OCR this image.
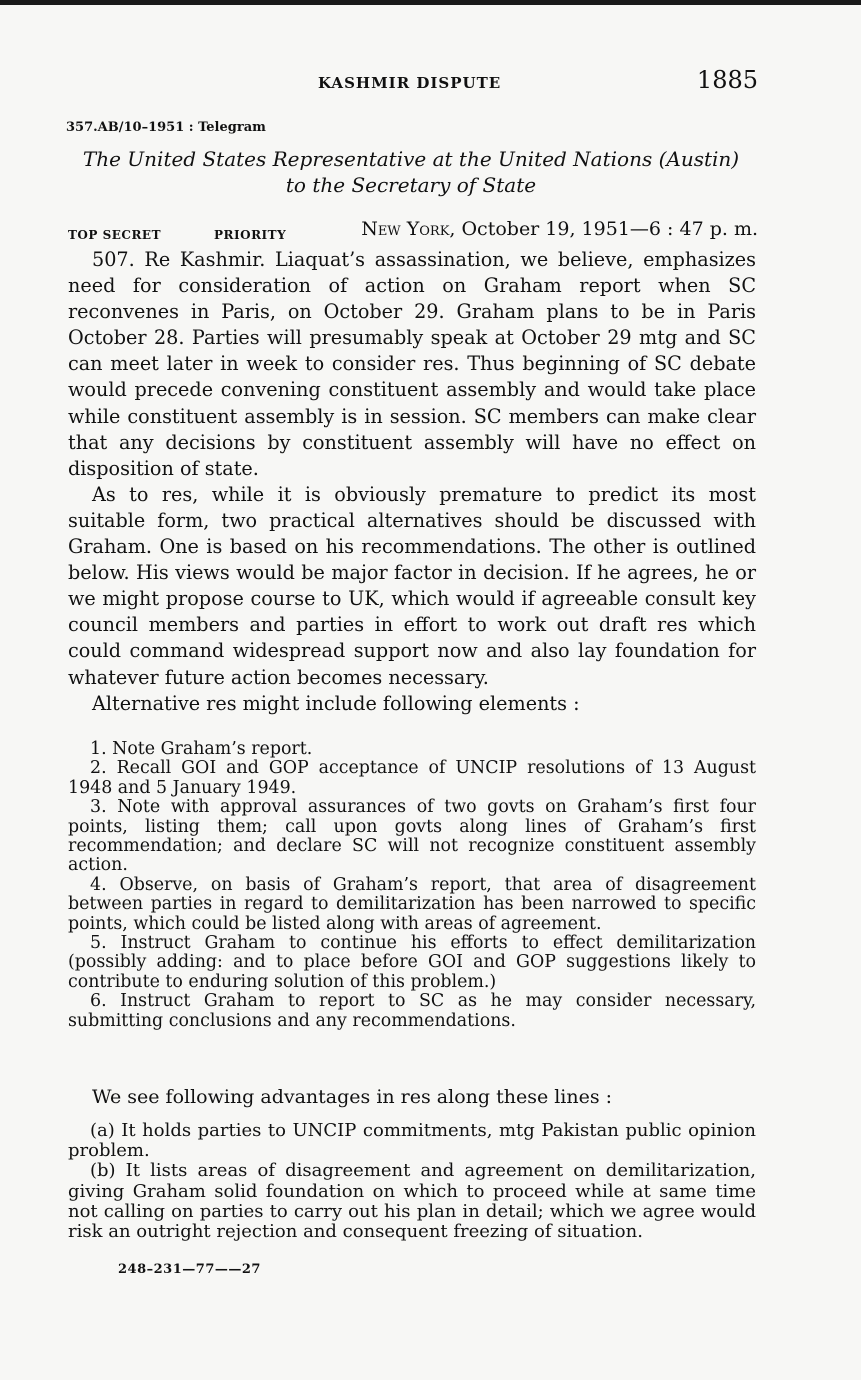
KASHMIR DISPUTE	1885
357.AB/10–1951 : Telegram
The United States Representative at the United Nations (Austin)
to the Secretary of State
TOP SECRET	PRIORITY	New York, October 19, 1951—6 : 47 p. m.

507. Re Kashmir. Liaquat’s assassination, we believe, emphasizes need for consideration of action on Graham report when SC reconvenes in Paris, on October 29. Graham plans to be in Paris October 28. Parties will presumably speak at October 29 mtg and SC can meet later in week to consider res. Thus beginning of SC debate would precede convening constituent assembly and would take place while constituent assembly is in session. SC members can make clear that any decisions by constituent assembly will have no effect on disposition of state.

As to res, while it is obviously premature to predict its most suitable form, two practical alternatives should be discussed with Graham. One is based on his recommendations. The other is outlined below. His views would be major factor in decision. If he agrees, he or we might propose course to UK, which would if agreeable consult key council members and parties in effort to work out draft res which could command widespread support now and also lay foundation for whatever future action becomes necessary.

Alternative res might include following elements :

1. Note Graham’s report.

2. Recall GOI and GOP acceptance of UNCIP resolutions of 13 August 1948 and 5 January 1949.

3. Note with approval assurances of two govts on Graham’s first four points, listing them; call upon govts along lines of Graham’s first recommendation; and declare SC will not recognize constituent assembly action.

4. Observe, on basis of Graham’s report, that area of disagreement between parties in regard to demilitarization has been narrowed to specific points, which could be listed along with areas of agreement.

5. Instruct Graham to continue his efforts to effect demilitarization (possibly adding: and to place before GOI and GOP suggestions likely to contribute to enduring solution of this problem.)

6. Instruct Graham to report to SC as he may consider necessary, submitting conclusions and any recommendations.

We see following advantages in res along these lines :

(a) It holds parties to UNCIP commitments, mtg Pakistan public opinion problem.

(b) It lists areas of disagreement and agreement on demilitarization, giving Graham solid foundation on which to proceed while at same time not calling on parties to carry out his plan in detail; which we agree would risk an outright rejection and consequent freezing of situation.

248–231—77——27
